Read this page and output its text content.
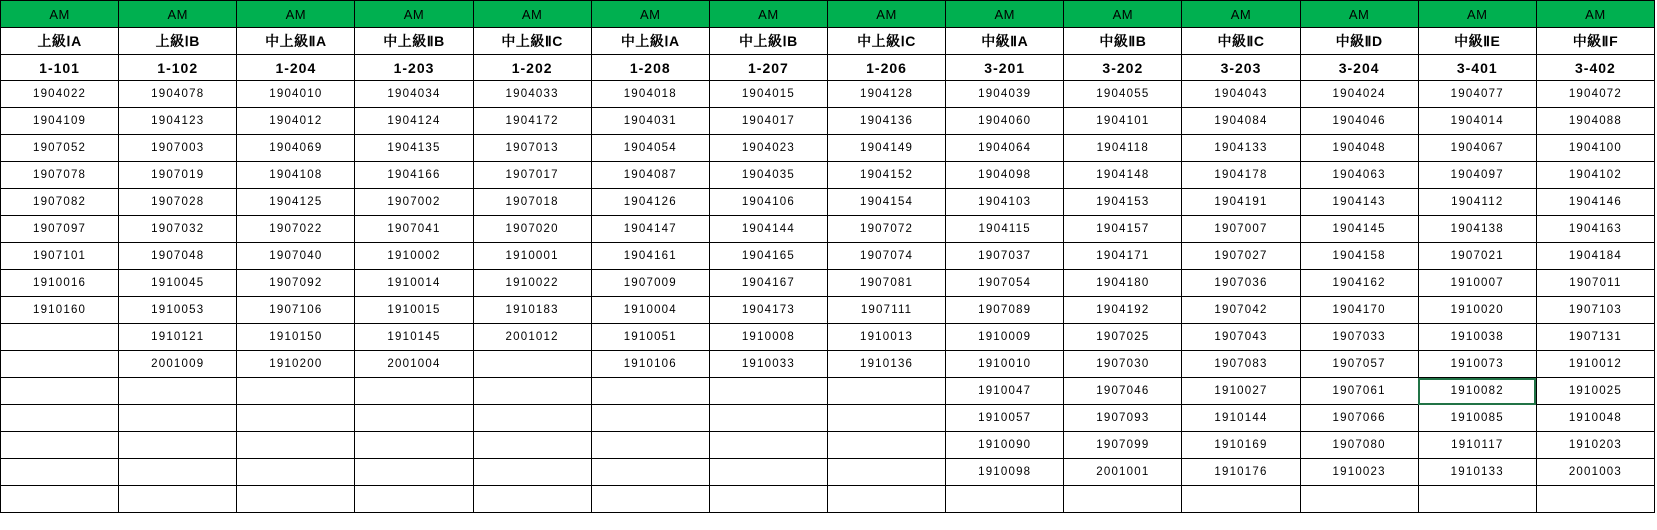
AM	AM	AM	AM	AM	AM	AM	AM	AM	AM	AM	AM	AM	AM
上級ⅠA	上級ⅠB	中上級ⅡA	中上級ⅡB	中上級ⅡC	中上級ⅠA	中上級ⅠB	中上級ⅠC	中級ⅡA	中級ⅡB	中級ⅡC	中級ⅡD	中級ⅡE	中級ⅡF
1-101	1-102	1-204	1-203	1-202	1-208	1-207	1-206	3-201	3-202	3-203	3-204	3-401	3-402
1904022	1904078	1904010	1904034	1904033	1904018	1904015	1904128	1904039	1904055	1904043	1904024	1904077	1904072
1904109	1904123	1904012	1904124	1904172	1904031	1904017	1904136	1904060	1904101	1904084	1904046	1904014	1904088
1907052	1907003	1904069	1904135	1907013	1904054	1904023	1904149	1904064	1904118	1904133	1904048	1904067	1904100
1907078	1907019	1904108	1904166	1907017	1904087	1904035	1904152	1904098	1904148	1904178	1904063	1904097	1904102
1907082	1907028	1904125	1907002	1907018	1904126	1904106	1904154	1904103	1904153	1904191	1904143	1904112	1904146
1907097	1907032	1907022	1907041	1907020	1904147	1904144	1907072	1904115	1904157	1907007	1904145	1904138	1904163
1907101	1907048	1907040	1910002	1910001	1904161	1904165	1907074	1907037	1904171	1907027	1904158	1907021	1904184
1910016	1910045	1907092	1910014	1910022	1907009	1904167	1907081	1907054	1904180	1907036	1904162	1910007	1907011
1910160	1910053	1907106	1910015	1910183	1910004	1904173	1907111	1907089	1904192	1907042	1904170	1910020	1907103
	1910121	1910150	1910145	2001012	1910051	1910008	1910013	1910009	1907025	1907043	1907033	1910038	1907131
	2001009	1910200	2001004		1910106	1910033	1910136	1910010	1907030	1907083	1907057	1910073	1910012
								1910047	1907046	1910027	1907061	1910082	1910025
								1910057	1907093	1910144	1907066	1910085	1910048
								1910090	1907099	1910169	1907080	1910117	1910203
								1910098	2001001	1910176	1910023	1910133	2001003
